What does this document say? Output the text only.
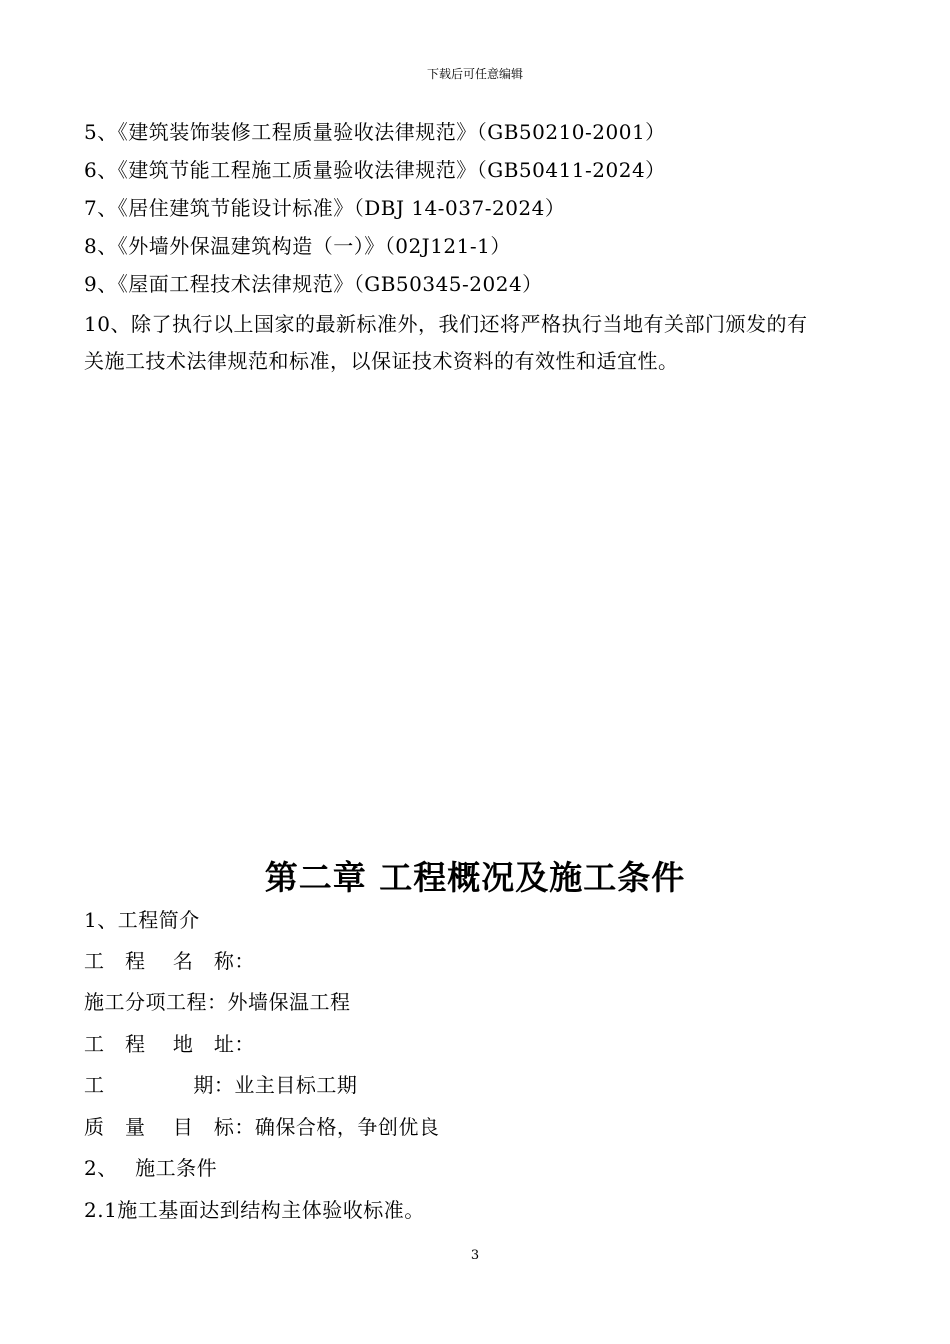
下载后可任意编辑
5、《建筑装饰装修工程质量验收法律规范》（GB50210-2001）
6、《建筑节能工程施工质量验收法律规范》（GB50411-2024）
7、《居住建筑节能设计标准》（DBJ 14-037-2024）
8、《外墙外保温建筑构造（一）》（02J121-1）
9、《屋面工程技术法律规范》（GB50345-2024）
10、除了执行以上国家的最新标准外，我们还将严格执行当地有关部门颁发的有
关施工技术法律规范和标准，以保证技术资料的有效性和适宜性。
第二章 工程概况及施工条件
1、工程简介
工　程　 名　称：
施工分项工程：外墙保温工程
工　程　 地　址：
工　　　　 期：业主目标工期
质　量　 目　标：确保合格，争创优良
2、　 施工条件
2.1施工基面达到结构主体验收标准。
3
